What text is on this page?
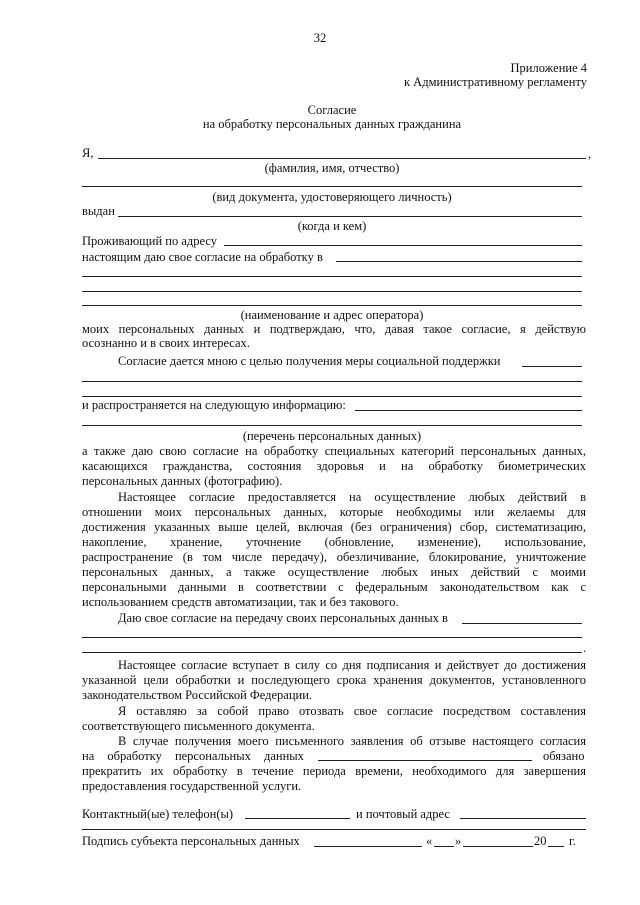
32
Приложение 4
к Административному регламенту
Согласие
на обработку персональных данных гражданина
Я,	,
(фамилия, имя, отчество)
(вид документа, удостоверяющего личность)
выдан
(когда и кем)
Проживающий по адресу
настоящим даю свое согласие на обработку в
(наименование и адрес оператора)
моих персональных данных и подтверждаю, что, давая такое согласие, я действую
осознанно и в своих интересах.
Согласие дается мною с целью получения меры социальной поддержки
и распространяется на следующую информацию:
(перечень персональных данных)
а также даю свою согласие на обработку специальных категорий персональных данных,
касающихся гражданства, состояния здоровья и на обработку биометрических
персональных данных (фотографию).
Настоящее согласие предоставляется на осуществление любых действий в
отношении моих персональных данных, которые необходимы или желаемы для
достижения указанных выше целей, включая (без ограничения) сбор, систематизацию,
накопление, хранение, уточнение (обновление, изменение), использование,
распространение (в том числе передачу), обезличивание, блокирование, уничтожение
персональных данных, а также осуществление любых иных действий с моими
персональными данными в соответствии с федеральным законодательством как с
использованием средств автоматизации, так и без такового.
Даю свое согласие на передачу своих персональных данных в
.
Настоящее согласие вступает в силу со дня подписания и действует до достижения
указанной цели обработки и последующего срока хранения документов, установленного
законодательством Российской Федерации.
Я оставляю за собой право отозвать свое согласие посредством составления
соответствующего письменного документа.
В случае получения моего письменного заявления об отзыве настоящего согласия
на обработку персональных данных	обязано
прекратить их обработку в течение периода времени, необходимого для завершения
предоставления государственной услуги.
Контактный(ые) телефон(ы)	и почтовый адрес
Подпись субъекта персональных данных	« »	20 г.
